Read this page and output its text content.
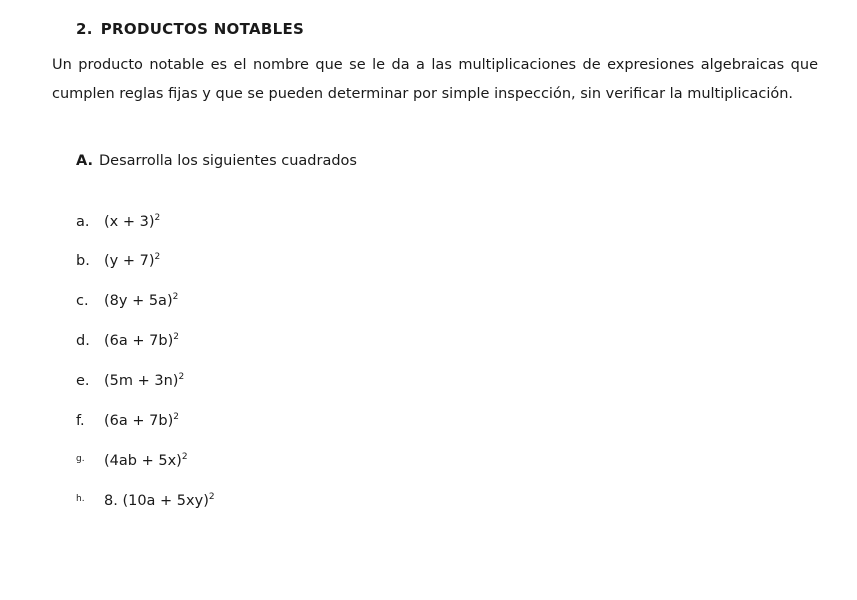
2. PRODUCTOS NOTABLES
Un producto notable es el nombre que se le da a las multiplicaciones de expresiones algebraicas que cumplen reglas fijas y que se pueden determinar por simple inspección, sin verificar la multiplicación.
A. Desarrolla los siguientes cuadrados
a. $(x + 3)^2$
b. $(y + 7)^2$
c. $(8y + 5a)^2$
d. $(6a + 7b)^2$
e. $(5m + 3n)^2$
f. $(6a + 7b)^2$
g. $(4ab + 5x)^2$
h. 8. $(10a + 5xy)^2$
